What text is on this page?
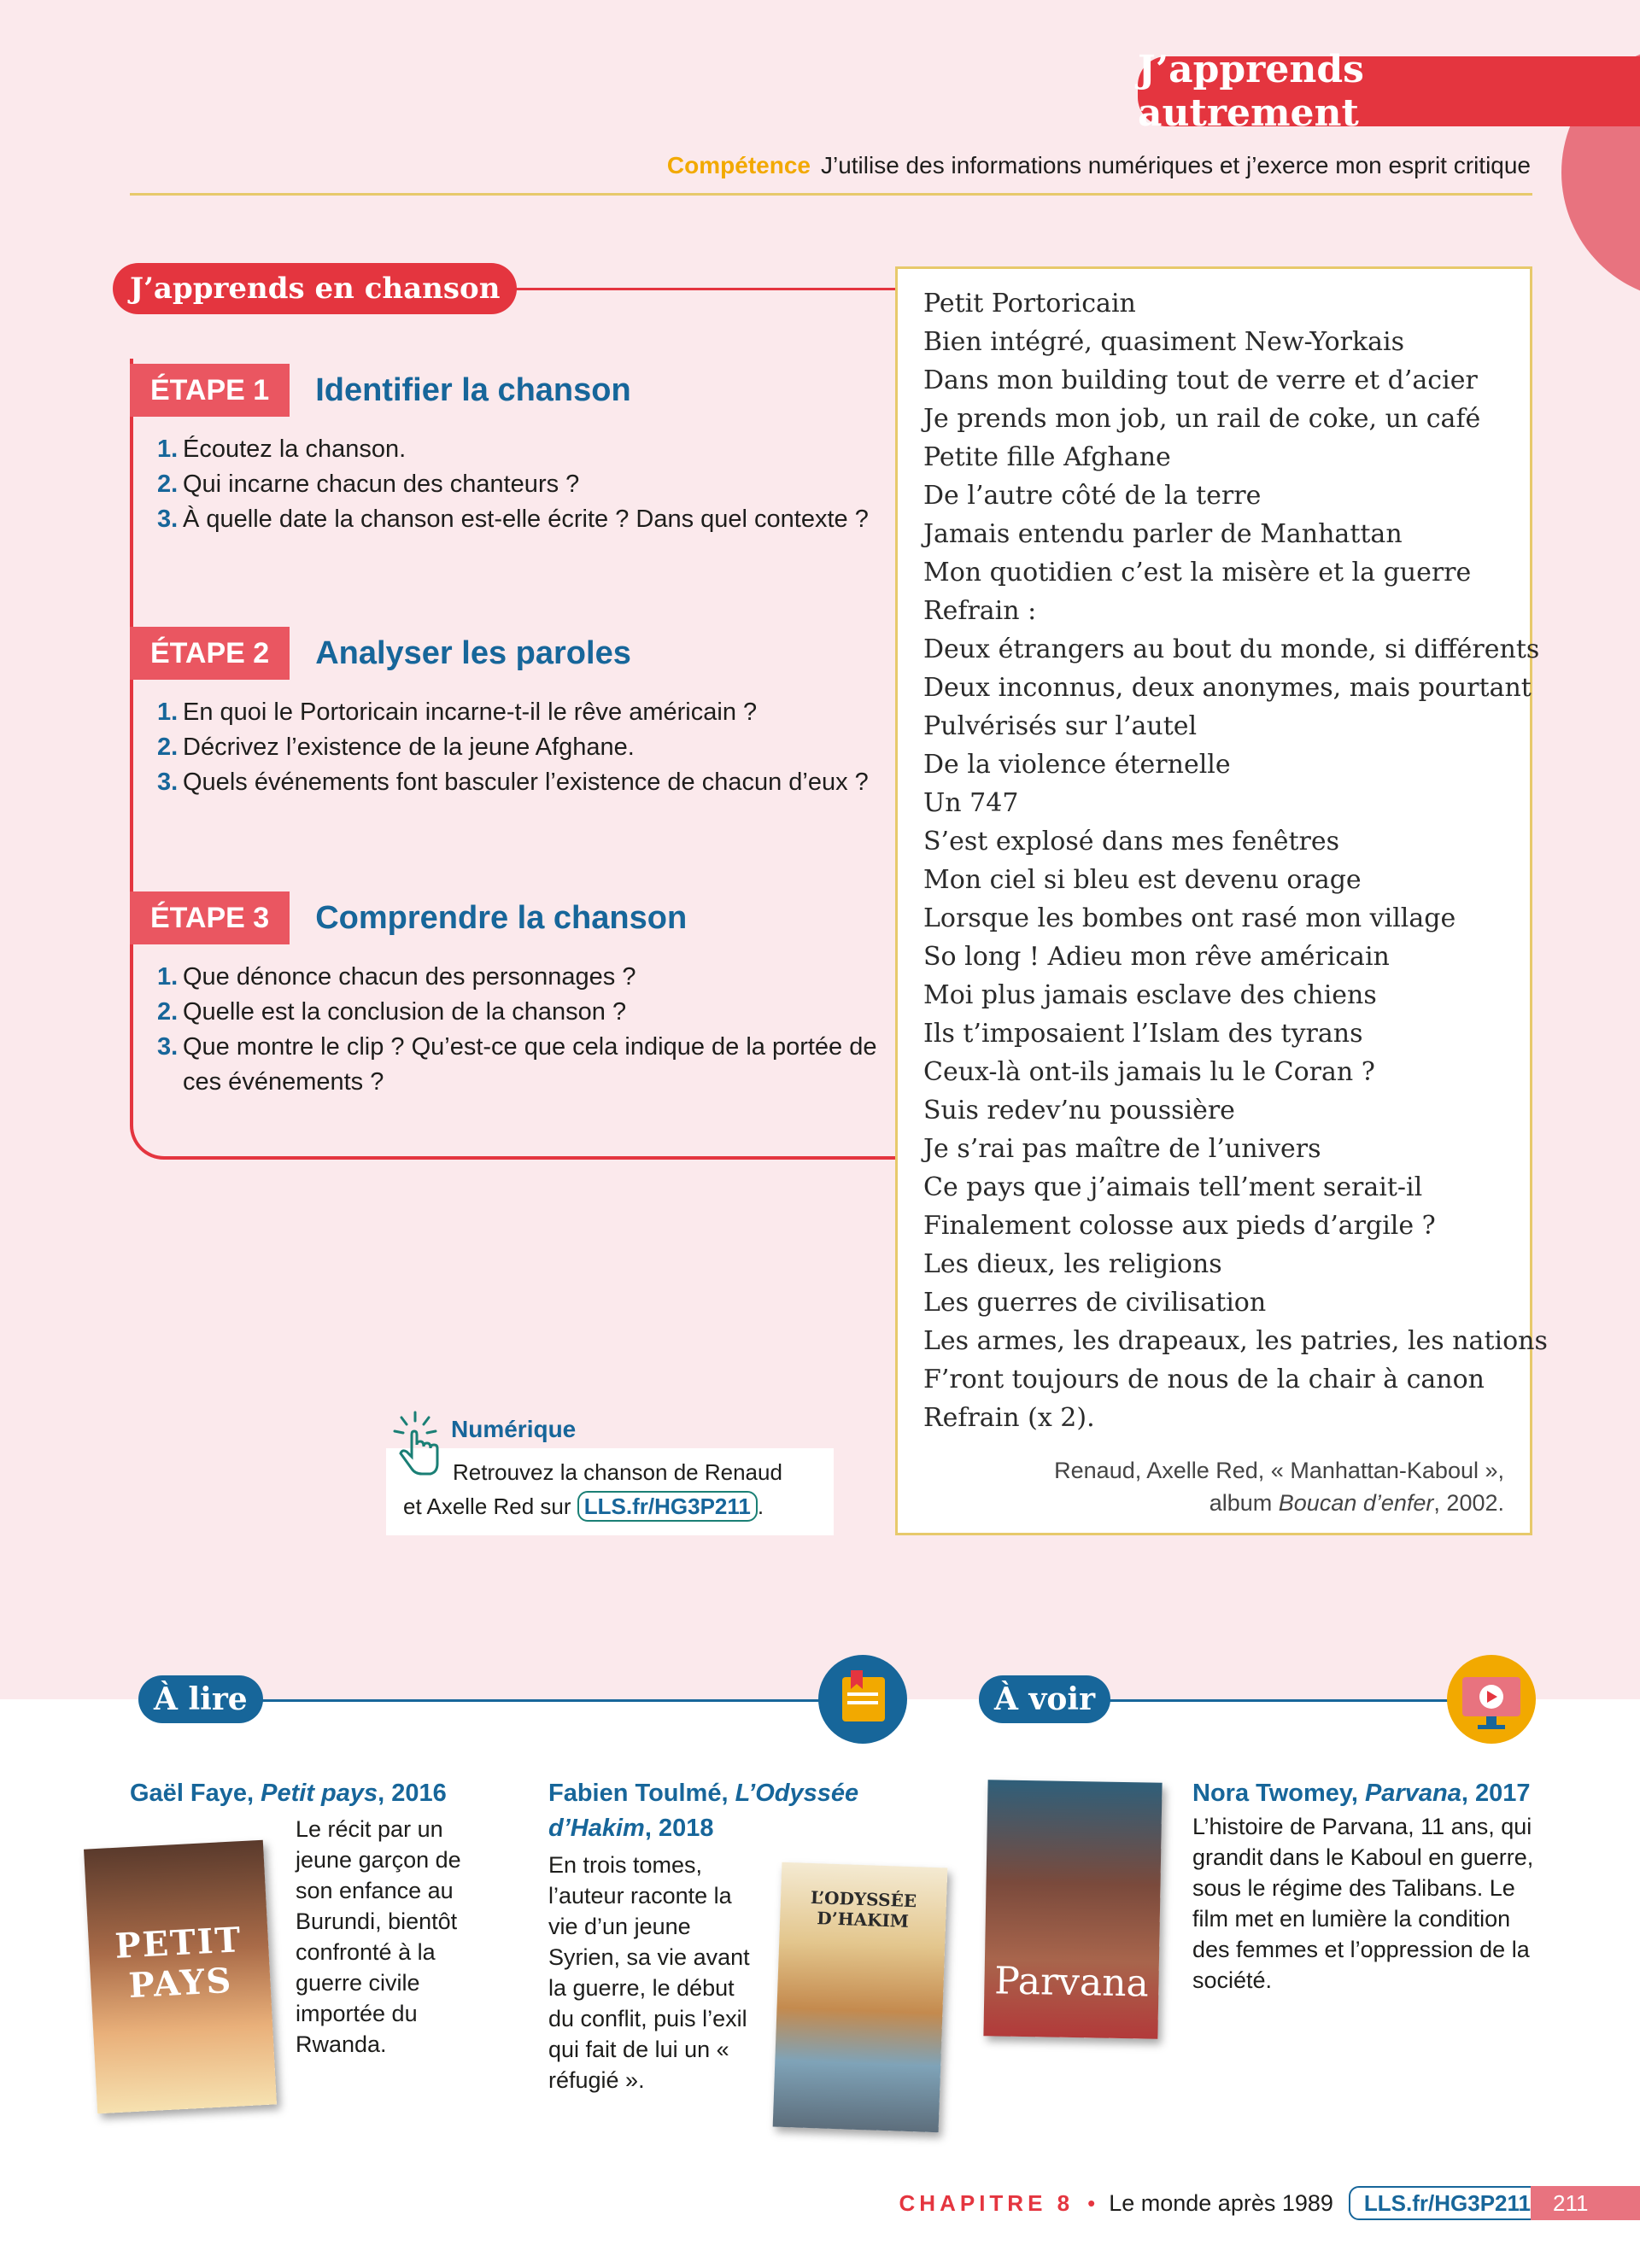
J’apprends autrement
Compétence J’utilise des informations numériques et j’exerce mon esprit critique
J’apprends en chanson
ÉTAPE 1	Identifier la chanson
1. Écoutez la chanson.
2. Qui incarne chacun des chanteurs ?
3. À quelle date la chanson est-elle écrite ? Dans quel contexte ?
ÉTAPE 2	Analyser les paroles
1. En quoi le Portoricain incarne-t-il le rêve américain ?
2. Décrivez l’existence de la jeune Afghane.
3. Quels événements font basculer l’existence de chacun d’eux ?
ÉTAPE 3	Comprendre la chanson
1. Que dénonce chacun des personnages ?
2. Quelle est la conclusion de la chanson ?
3. Que montre le clip ? Qu’est-ce que cela indique de la portée de ces événements ?
Petit Portoricain
Bien intégré, quasiment New-Yorkais
Dans mon building tout de verre et d’acier
Je prends mon job, un rail de coke, un café
Petite fille Afghane
De l’autre côté de la terre
Jamais entendu parler de Manhattan
Mon quotidien c’est la misère et la guerre
Refrain :
Deux étrangers au bout du monde, si différents
Deux inconnus, deux anonymes, mais pourtant
Pulvérisés sur l’autel
De la violence éternelle
Un 747
S’est explosé dans mes fenêtres
Mon ciel si bleu est devenu orage
Lorsque les bombes ont rasé mon village
So long ! Adieu mon rêve américain
Moi plus jamais esclave des chiens
Ils t’imposaient l’Islam des tyrans
Ceux-là ont-ils jamais lu le Coran ?
Suis redev’nu poussière
Je s’rai pas maître de l’univers
Ce pays que j’aimais tell’ment serait-il
Finalement colosse aux pieds d’argile ?
Les dieux, les religions
Les guerres de civilisation
Les armes, les drapeaux, les patries, les nations
F’ront toujours de nous de la chair à canon
Refrain (x 2).
Renaud, Axelle Red, « Manhattan-Kaboul »,
album Boucan d’enfer, 2002.
Numérique
Retrouvez la chanson de Renaud
et Axelle Red sur LLS.fr/HG3P211 .
À lire	À voir
Gaël Faye, Petit pays, 2016
PETIT PAYS
Le récit par un jeune garçon de son enfance au Burundi, bientôt confronté à la guerre civile importée du Rwanda.
Fabien Toulmé, L’Odyssée d’Hakim, 2018
En trois tomes, l’auteur raconte la vie d’un jeune Syrien, sa vie avant la guerre, le début du conflit, puis l’exil qui fait de lui un « réfugié ».
L’ODYSSÉE D’HAKIM
Parvana
Nora Twomey, Parvana, 2017
L’histoire de Parvana, 11 ans, qui grandit dans le Kaboul en guerre, sous le régime des Talibans. Le film met en lumière la condition des femmes et l’oppression de la société.
CHAPITRE 8 • Le monde après 1989	LLS.fr/HG3P211	211
